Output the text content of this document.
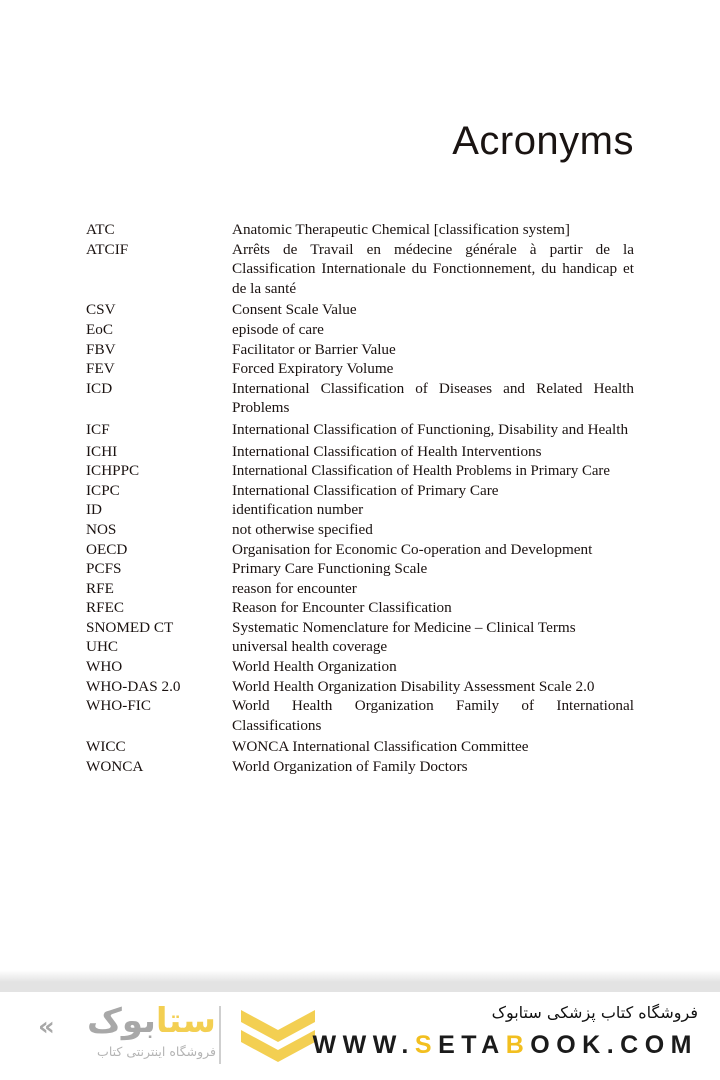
Acronyms
ATC	Anatomic Therapeutic Chemical [classification system]
ATCIF	Arrêts de Travail en médecine générale à partir de la Classification Internationale du Fonctionnement, du handicap et de la santé
CSV	Consent Scale Value
EoC	episode of care
FBV	Facilitator or Barrier Value
FEV	Forced Expiratory Volume
ICD	International Classification of Diseases and Related Health Problems
ICF	International Classification of Functioning, Disability and Health
ICHI	International Classification of Health Interventions
ICHPPC	International Classification of Health Problems in Primary Care
ICPC	International Classification of Primary Care
ID	identification number
NOS	not otherwise specified
OECD	Organisation for Economic Co-operation and Development
PCFS	Primary Care Functioning Scale
RFE	reason for encounter
RFEC	Reason for Encounter Classification
SNOMED CT	Systematic Nomenclature for Medicine – Clinical Terms
UHC	universal health coverage
WHO	World Health Organization
WHO-DAS 2.0	World Health Organization Disability Assessment Scale 2.0
WHO-FIC	World Health Organization Family of International Classifications
WICC	WONCA International Classification Committee
WONCA	World Organization of Family Doctors
«	ستابوک
فروشگاه اینترنتی کتاب
فروشگاه کتاب پزشکی ستابوک
WWW.SETABOOK.COM
